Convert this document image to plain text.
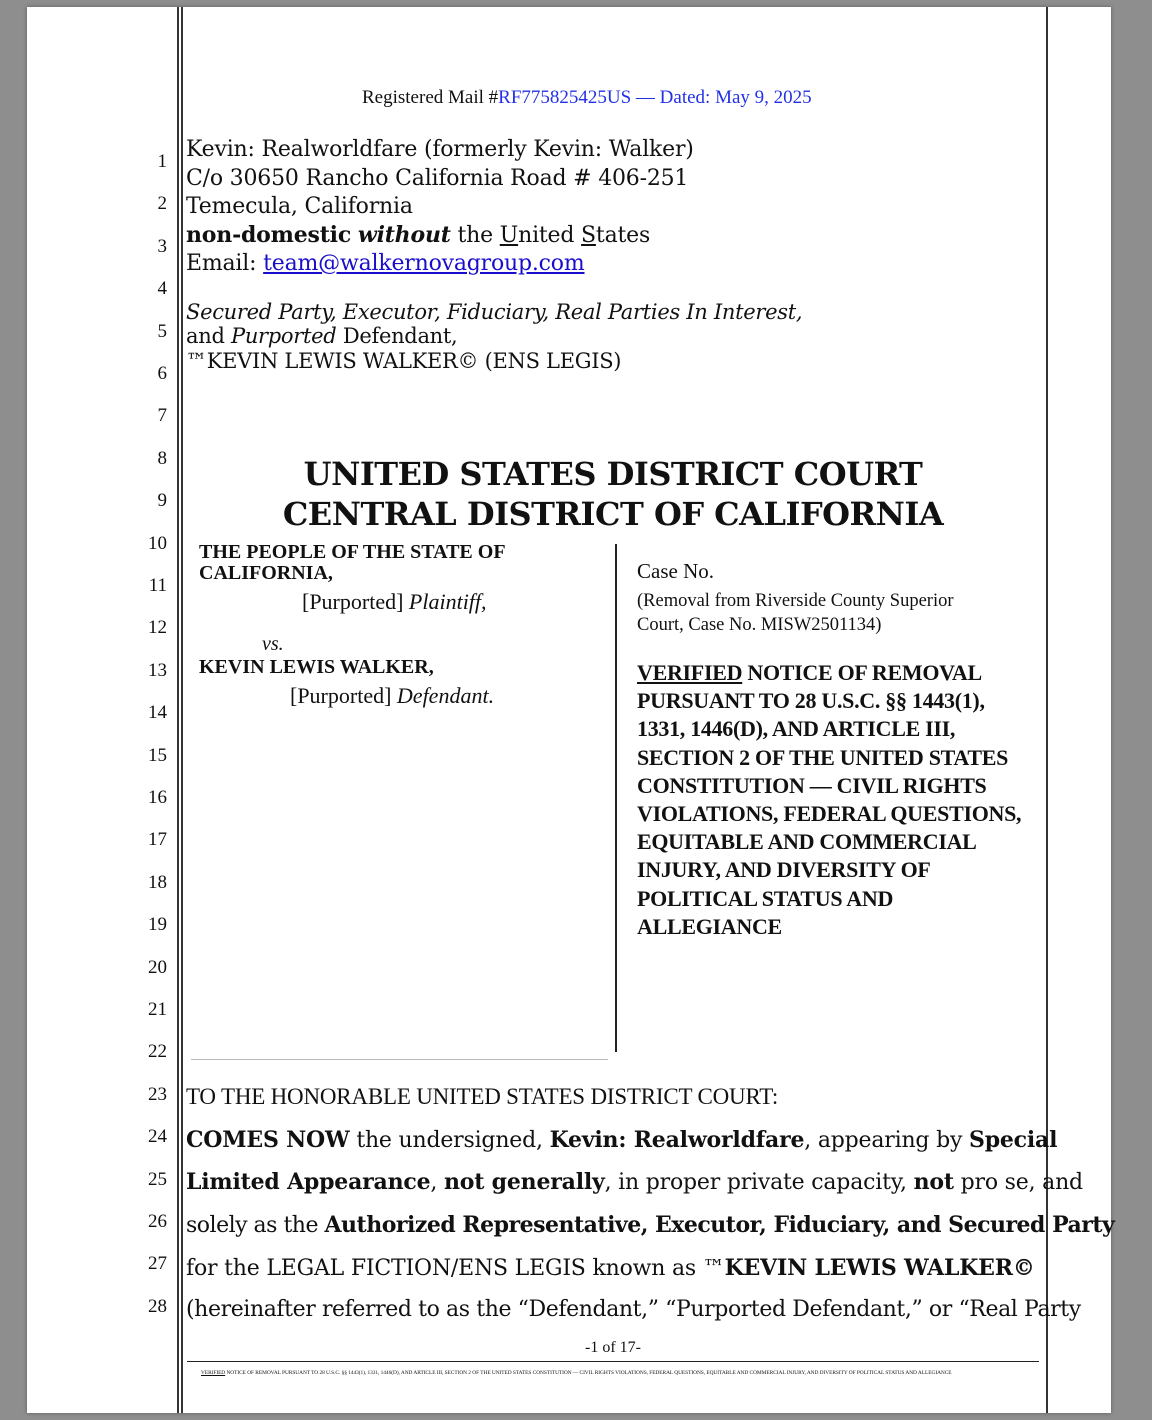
Registered Mail #RF775825425US — Dated: May 9, 2025
1
2
3
4
5
6
7
8
9
10
11
12
13
14
15
16
17
18
19
20
21
22
23
24
25
26
27
28
Kevin: Realworldfare (formerly Kevin: Walker)
C/o 30650 Rancho California Road # 406-251
Temecula, California
non-domestic without the United States
Email: team@walkernovagroup.com
Secured Party, Executor, Fiduciary, Real Parties In Interest,
and Purported Defendant,
™KEVIN LEWIS WALKER© (ENS LEGIS)
UNITED STATES DISTRICT COURT
CENTRAL DISTRICT OF CALIFORNIA
THE PEOPLE OF THE STATE OF
CALIFORNIA,
[Purported] Plaintiff,
vs.
KEVIN LEWIS WALKER,
[Purported] Defendant.
Case No.
(Removal from Riverside County Superior
Court, Case No. MISW2501134)
VERIFIED NOTICE OF REMOVAL PURSUANT TO 28 U.S.C. §§ 1443(1), 1331, 1446(D), AND ARTICLE III, SECTION 2 OF THE UNITED STATES CONSTITUTION — CIVIL RIGHTS VIOLATIONS, FEDERAL QUESTIONS, EQUITABLE AND COMMERCIAL INJURY, AND DIVERSITY OF POLITICAL STATUS AND ALLEGIANCE
TO THE HONORABLE UNITED STATES DISTRICT COURT:
COMES NOW the undersigned, Kevin: Realworldfare, appearing by Special
Limited Appearance, not generally, in proper private capacity, not pro se, and
solely as the Authorized Representative, Executor, Fiduciary, and Secured Party
for the LEGAL FICTION/ENS LEGIS known as ™KEVIN LEWIS WALKER©
(hereinafter referred to as the “Defendant,” “Purported Defendant,” or “Real Party
-1 of 17-
VERIFIED NOTICE OF REMOVAL PURSUANT TO 28 U.S.C. §§ 1443(1), 1331, 1446(D), AND ARTICLE III, SECTION 2 OF THE UNITED STATES CONSTITUTION — CIVIL RIGHTS VIOLATIONS, FEDERAL QUESTIONS, EQUITABLE AND COMMERCIAL INJURY, AND DIVERSITY OF POLITICAL STATUS AND ALLEGIANCE
